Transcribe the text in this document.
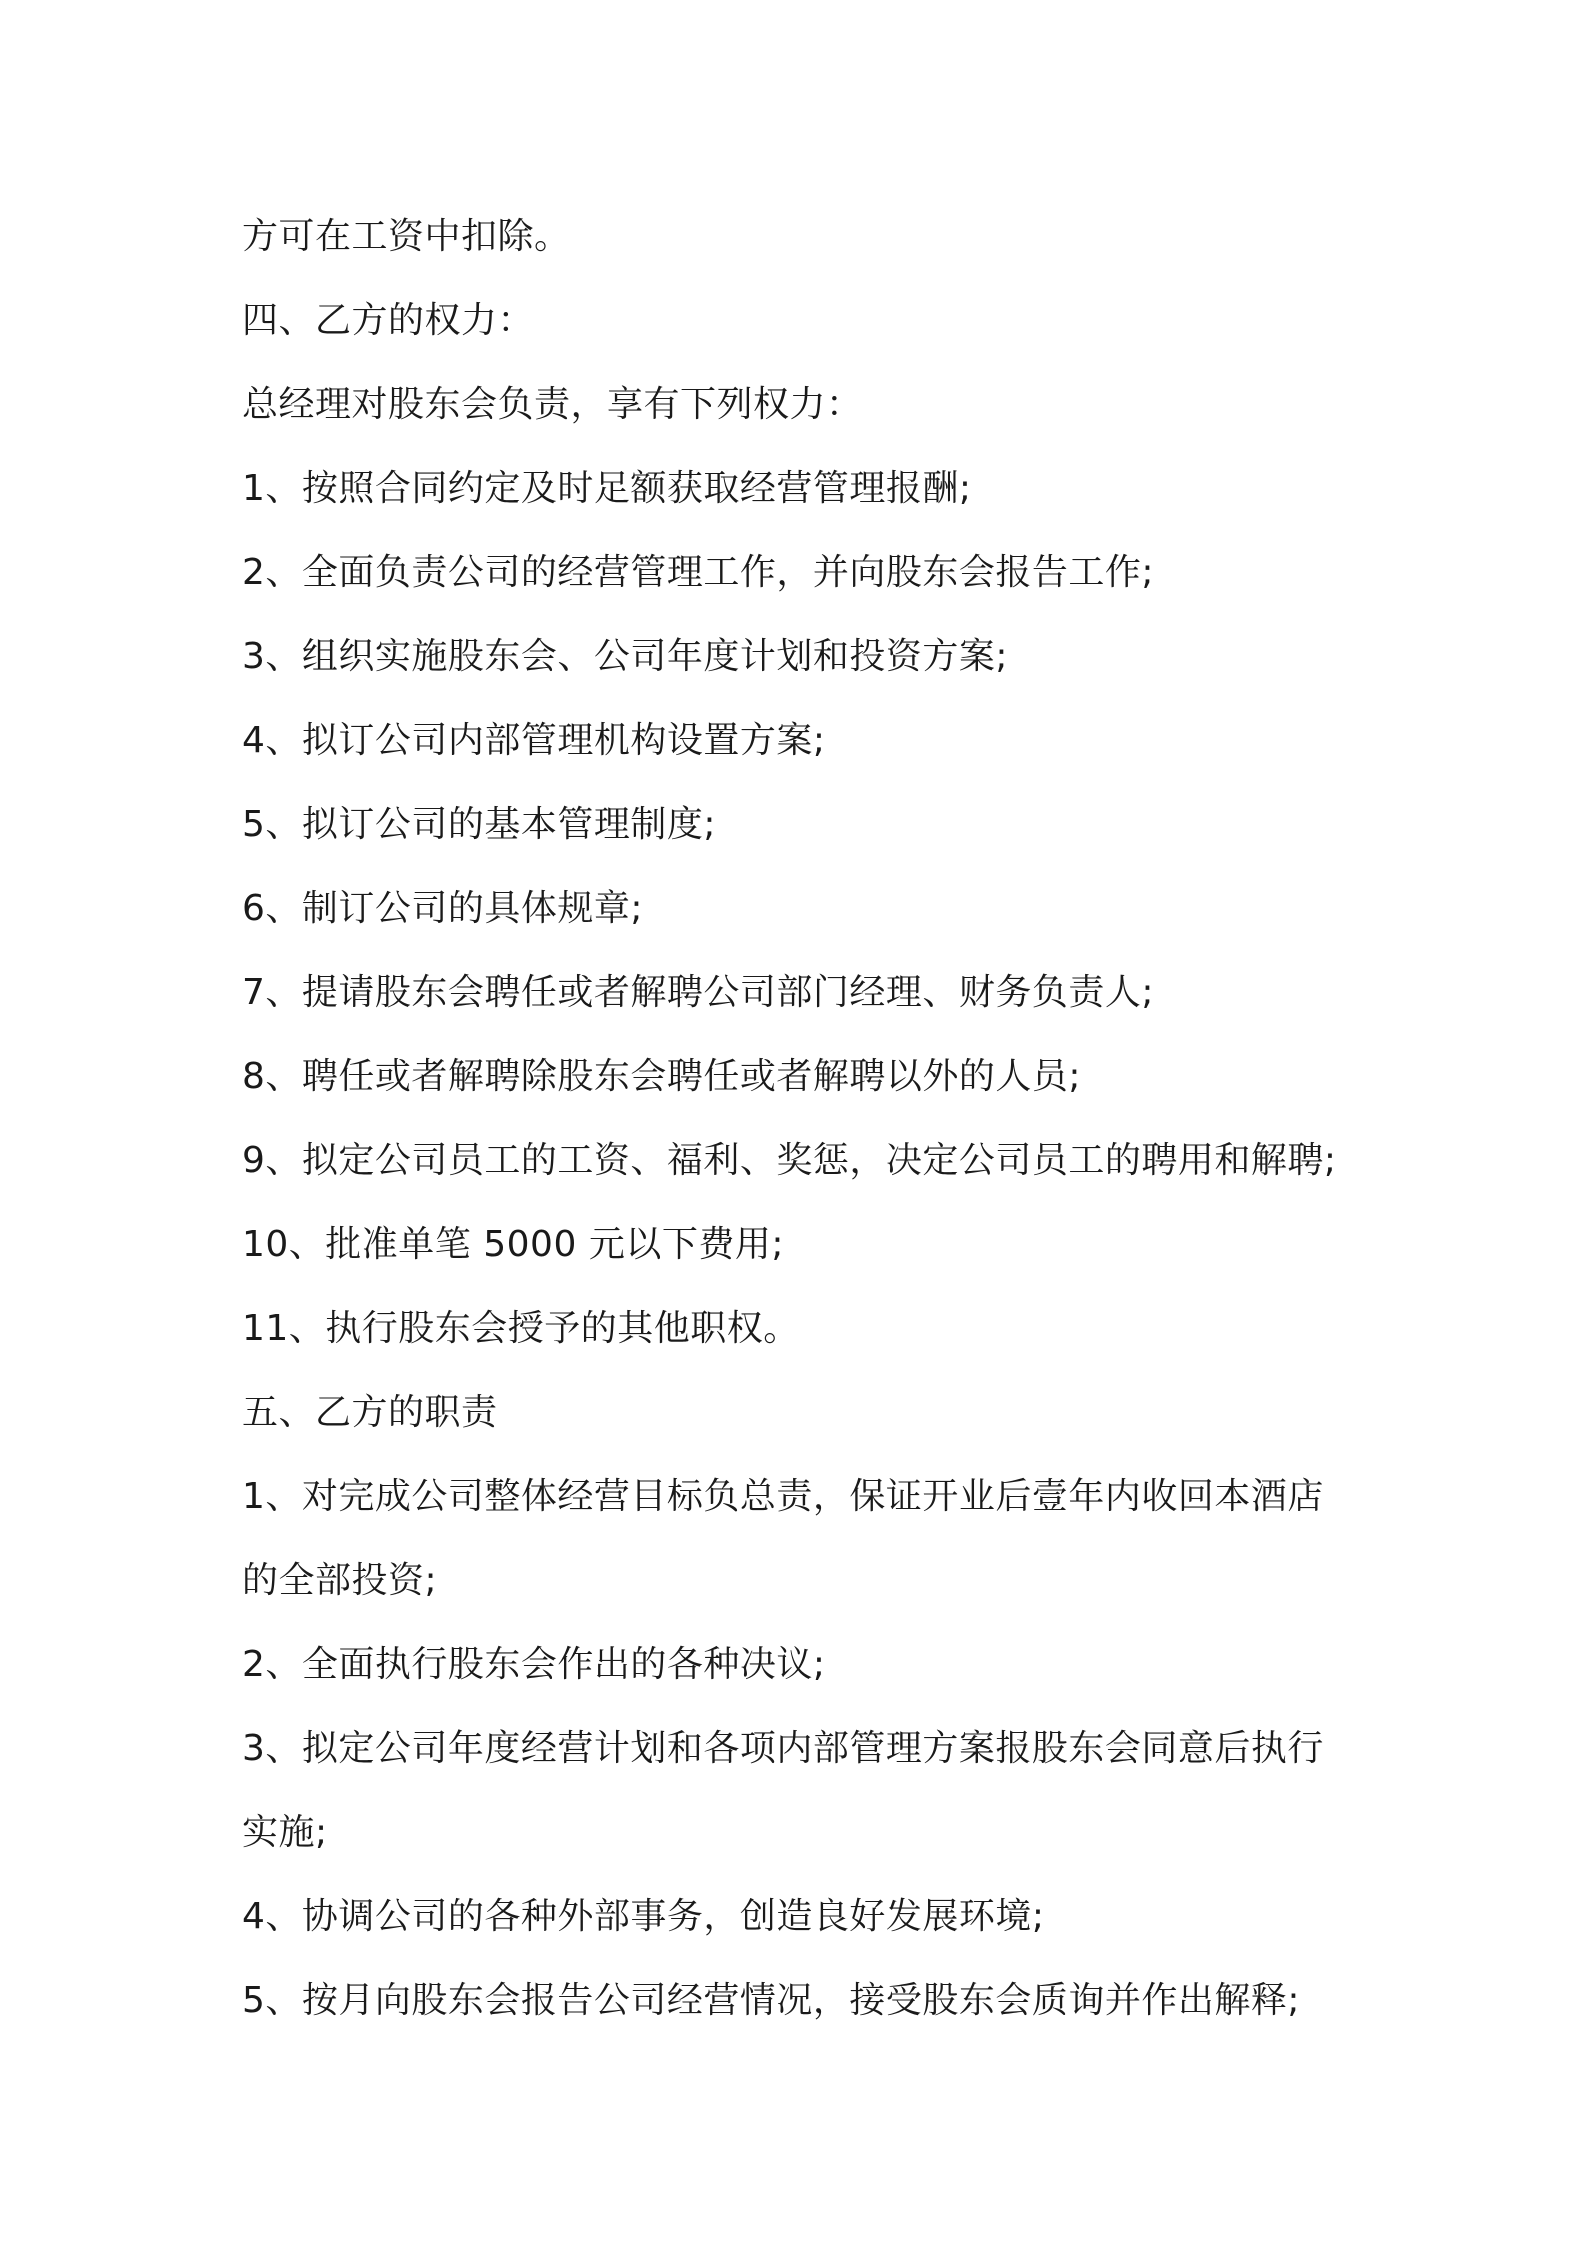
方可在工资中扣除。
四、乙方的权力：
总经理对股东会负责，享有下列权力：
1、按照合同约定及时足额获取经营管理报酬;
2、全面负责公司的经营管理工作，并向股东会报告工作;
3、组织实施股东会、公司年度计划和投资方案;
4、拟订公司内部管理机构设置方案;
5、拟订公司的基本管理制度;
6、制订公司的具体规章;
7、提请股东会聘任或者解聘公司部门经理、财务负责人;
8、聘任或者解聘除股东会聘任或者解聘以外的人员;
9、拟定公司员工的工资、福利、奖惩，决定公司员工的聘用和解聘;
10、批准单笔 5000 元以下费用;
11、执行股东会授予的其他职权。
五、乙方的职责
1、对完成公司整体经营目标负总责，保证开业后壹年内收回本酒店
的全部投资;
2、全面执行股东会作出的各种决议;
3、拟定公司年度经营计划和各项内部管理方案报股东会同意后执行
实施;
4、协调公司的各种外部事务，创造良好发展环境;
5、按月向股东会报告公司经营情况，接受股东会质询并作出解释;
